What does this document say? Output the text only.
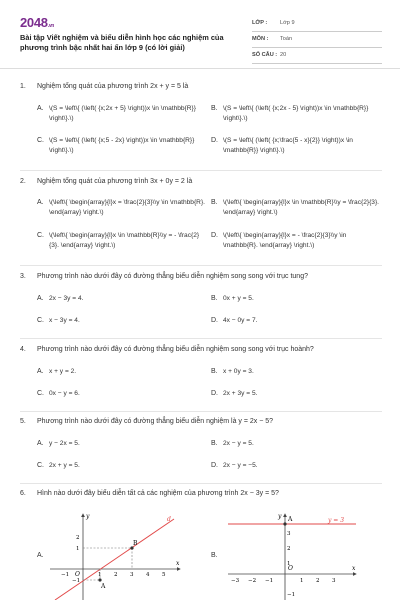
2048.vn
Bài tập Viết nghiệm và biểu diễn hình học các nghiệm của phương trình bậc nhất hai ẩn lớp 9 (có lời giải)
LỚP :	Lớp 9
MÔN :	Toán
SỐ CÂU : 20
1.	Nghiệm tổng quát của phương trình 2x + y = 5 là
A. \(S = \left\{ (\left( {x;2x + 5} \right))x \in \mathbb{R}} \right\}.\)
B. \(S = \left\{ (\left( {x;2x - 5} \right))x \in \mathbb{R}} \right\}.\)
C. \(S = \left\{ (\left( {x;5 - 2x} \right))x \in \mathbb{R}} \right\}.\)
D. \(S = \left\{ (\left( {x;\frac{5 - x}{2}} \right))x \in \mathbb{R}} \right\}.\)
2.	Nghiệm tổng quát của phương trình 3x + 0y = 2 là
A. \(\left\{ \begin{array}{l}x = \frac{2}{3}\\y \in \mathbb{R}. \end{array} \right.\)
B. \(\left\{ \begin{array}{l}x \in \mathbb{R}\\y = \frac{2}{3}. \end{array} \right.\)
C. \(\left\{ \begin{array}{l}x \in \mathbb{R}\\y = - \frac{2}{3}. \end{array} \right.\)
D. \(\left\{ \begin{array}{l}x = - \frac{2}{3}\\y \in \mathbb{R}. \end{array} \right.\)
3.	Phương trình nào dưới đây có đường thẳng biểu diễn nghiệm song song với trục tung?
A. 2x − 3y = 4.	B. 0x + y = 5.
C. x − 3y = 4.	D. 4x − 0y = 7.
4.	Phương trình nào dưới đây có đường thẳng biểu diễn nghiệm song song với trục hoành?
A. x + y = 2.	B. x + 0y = 3.
C. 0x − y = 6.	D. 2x + 3y = 5.
5.	Phương trình nào dưới đây có đường thẳng biểu diễn nghiệm là y = 2x − 5?
A. y − 2x = 5.	B. 2x − y = 5.
C. 2x + y = 5.	D. 2x − y = −5.
6.	Hình nào dưới đây biểu diễn tất cả các nghiệm của phương trình 2x − 3y = 5?
A.	B.
x
y
O
d
B
A
−1	1 2 3 4 5
2
1
−1
x
y
O
y = 3
A
−3 −2 −1	1 2 3
3
2
1
−1
